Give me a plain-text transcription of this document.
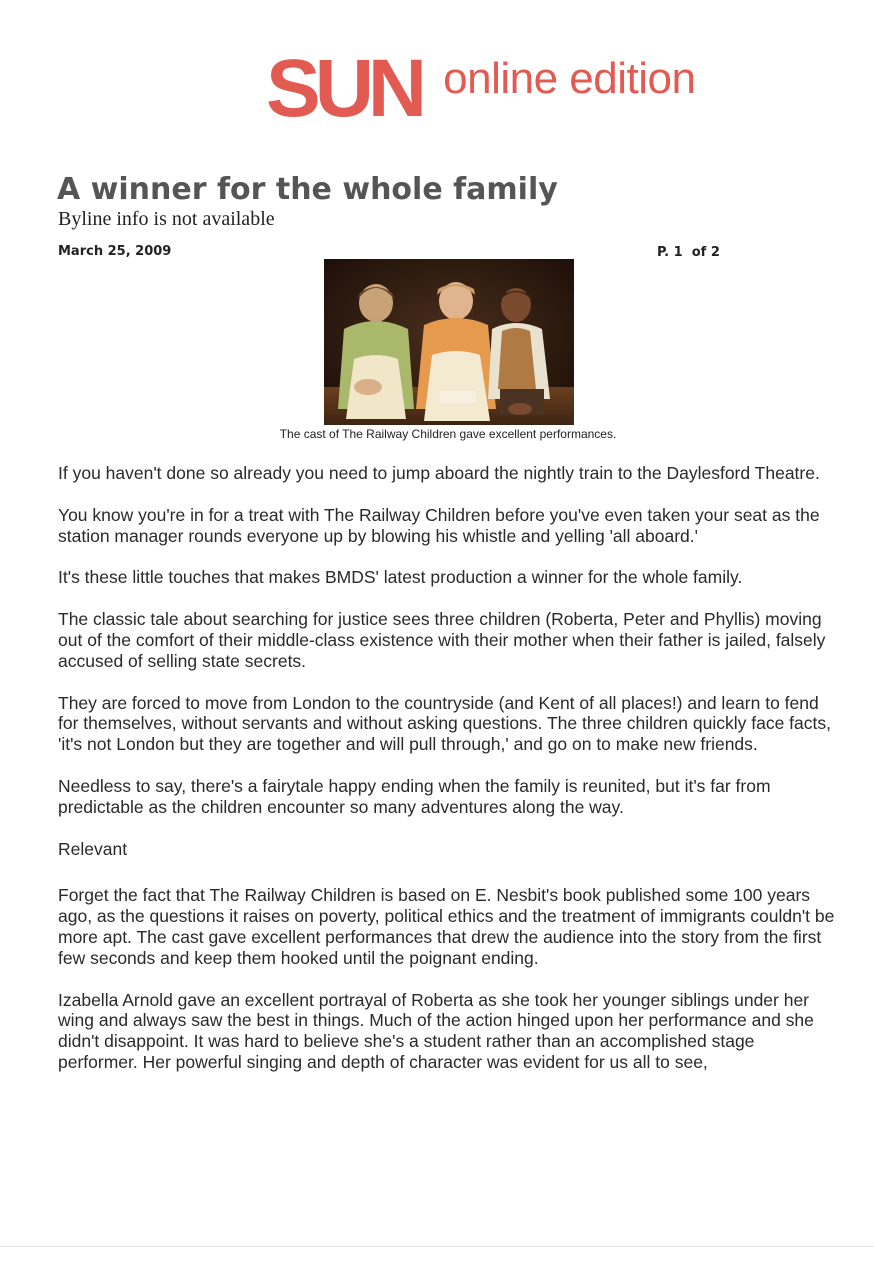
SUN online edition
A winner for the whole family
Byline info is not available
March 25, 2009	P. 1  of 2
The cast of The Railway Children gave excellent performances.

If you haven't done so already you need to jump aboard the nightly train to the Daylesford Theatre.

You know you're in for a treat with The Railway Children before you've even taken your seat as the station manager rounds everyone up by blowing his whistle and yelling 'all aboard.'

It's these little touches that makes BMDS' latest production a winner for the whole family.

The classic tale about searching for justice sees three children (Roberta, Peter and Phyllis) moving out of the comfort of their middle-class existence with their mother when their father is jailed, falsely accused of selling state secrets.

They are forced to move from London to the countryside (and Kent of all places!) and learn to fend for themselves, without servants and without asking questions. The three children quickly face facts, 'it's not London but they are together and will pull through,' and go on to make new friends.

Needless to say, there's a fairytale happy ending when the family is reunited, but it's far from predictable as the children encounter so many adventures along the way.

Relevant

Forget the fact that The Railway Children is based on E. Nesbit's book published some 100 years ago, as the questions it raises on poverty, political ethics and the treatment of immigrants couldn't be more apt. The cast gave excellent performances that drew the audience into the story from the first few seconds and keep them hooked until the poignant ending.

Izabella Arnold gave an excellent portrayal of Roberta as she took her younger siblings under her wing and always saw the best in things. Much of the action hinged upon her performance and she didn't disappoint. It was hard to believe she's a student rather than an accomplished stage performer. Her powerful singing and depth of character was evident for us all to see,
